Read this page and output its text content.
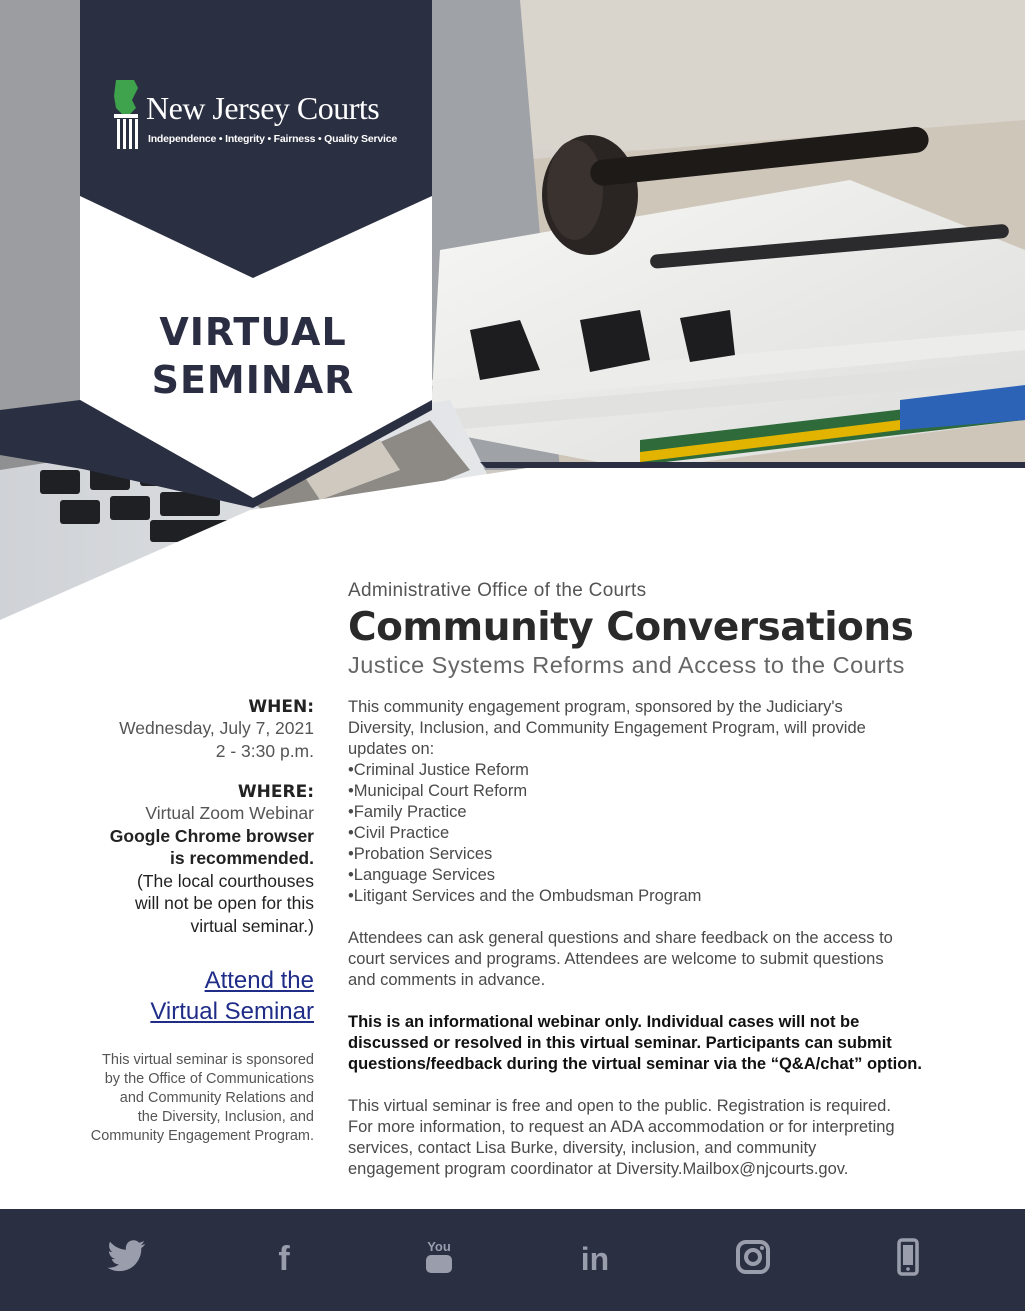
New Jersey Courts
Independence • Integrity • Fairness • Quality Service
VIRTUAL
SEMINAR

Administrative Office of the Courts

Community Conversations

Justice Systems Reforms and Access to the Courts

WHEN:

Wednesday, July 7, 2021

2 - 3:30 p.m.

WHERE:

Virtual Zoom Webinar

Google Chrome browser

is recommended.

(The local courthouses

will not be open for this

virtual seminar.)

Attend the
Virtual Seminar
This virtual seminar is sponsored
by the Office of Communications
and Community Relations and
the Diversity, Inclusion, and
Community Engagement Program.

This community engagement program, sponsored by the Judiciary's
Diversity, Inclusion, and Community Engagement Program, will provide
updates on:

• Criminal Justice Reform
• Municipal Court Reform
• Family Practice
• Civil Practice
• Probation Services
• Language Services
• Litigant Services and the Ombudsman Program

Attendees can ask general questions and share feedback on the access to
court services and programs. Attendees are welcome to submit questions
and comments in advance.

This is an informational webinar only. Individual cases will not be
discussed or resolved in this virtual seminar. Participants can submit
questions/feedback during the virtual seminar via the “Q&A/chat” option.

This virtual seminar is free and open to the public. Registration is required.
For more information, to request an ADA accommodation or for interpreting
services, contact Lisa Burke, diversity, inclusion, and community
engagement program coordinator at Diversity.Mailbox@njcourts.gov.

f	You	in
